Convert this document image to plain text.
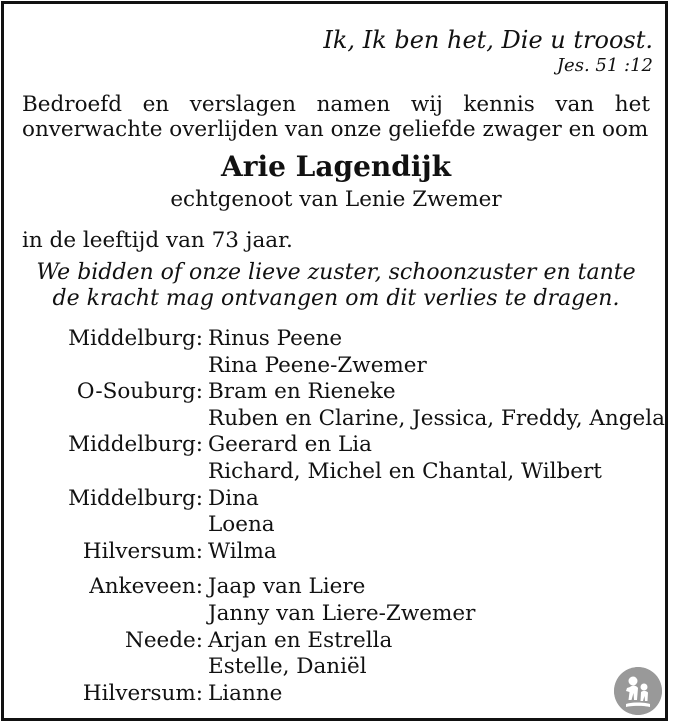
Ik, Ik ben het, Die u troost.
Jes. 51 :12
Bedroefd en verslagen namen wij kennis van het
onverwachte overlijden van onze geliefde zwager en oom
Arie Lagendijk
echtgenoot van Lenie Zwemer
in de leeftijd van 73 jaar.
We bidden of onze lieve zuster, schoonzuster en tante
de kracht mag ontvangen om dit verlies te dragen.
Middelburg: Rinus Peene
Rina Peene-Zwemer
O-Souburg: Bram en Rieneke
Ruben en Clarine, Jessica, Freddy, Angela
Middelburg: Geerard en Lia
Richard, Michel en Chantal, Wilbert
Middelburg: Dina
Loena
Hilversum: Wilma
Ankeveen: Jaap van Liere
Janny van Liere-Zwemer
Neede: Arjan en Estrella
Estelle, Daniël
Hilversum: Lianne
